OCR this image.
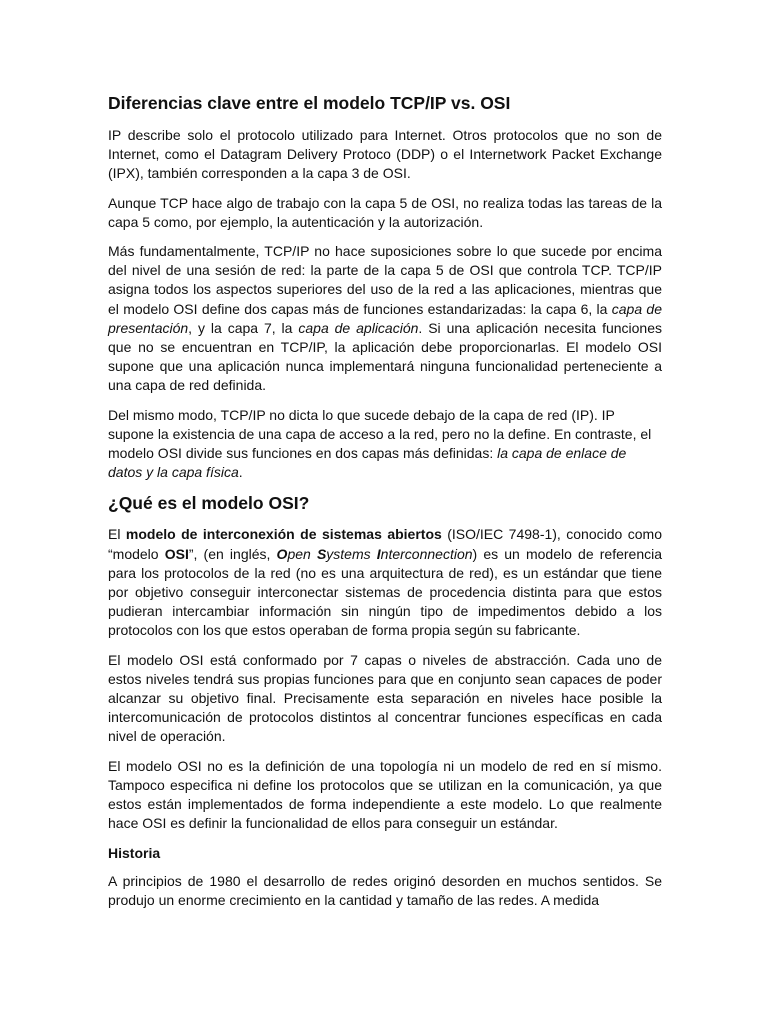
Diferencias clave entre el modelo TCP/IP vs. OSI

IP describe solo el protocolo utilizado para Internet. Otros protocolos que no son de Internet, como el Datagram Delivery Protoco (DDP) o el Internetwork Packet Exchange (IPX), también corresponden a la capa 3 de OSI.

Aunque TCP hace algo de trabajo con la capa 5 de OSI, no realiza todas las tareas de la capa 5 como, por ejemplo, la autenticación y la autorización.

Más fundamentalmente, TCP/IP no hace suposiciones sobre lo que sucede por encima del nivel de una sesión de red: la parte de la capa 5 de OSI que controla TCP. TCP/IP asigna todos los aspectos superiores del uso de la red a las aplicaciones, mientras que el modelo OSI define dos capas más de funciones estandarizadas: la capa 6, la capa de presentación, y la capa 7, la capa de aplicación. Si una aplicación necesita funciones que no se encuentran en TCP/IP, la aplicación debe proporcionarlas. El modelo OSI supone que una aplicación nunca implementará ninguna funcionalidad perteneciente a una capa de red definida.

Del mismo modo, TCP/IP no dicta lo que sucede debajo de la capa de red (IP). IP supone la existencia de una capa de acceso a la red, pero no la define. En contraste, el modelo OSI divide sus funciones en dos capas más definidas: la capa de enlace de datos y la capa física.

¿Qué es el modelo OSI?

El modelo de interconexión de sistemas abiertos (ISO/IEC 7498-1), conocido como “modelo OSI”, (en inglés, Open Systems Interconnection) es un modelo de referencia para los protocolos de la red (no es una arquitectura de red), es un estándar que tiene por objetivo conseguir interconectar sistemas de procedencia distinta para que estos pudieran intercambiar información sin ningún tipo de impedimentos debido a los protocolos con los que estos operaban de forma propia según su fabricante.

El modelo OSI está conformado por 7 capas o niveles de abstracción. Cada uno de estos niveles tendrá sus propias funciones para que en conjunto sean capaces de poder alcanzar su objetivo final. Precisamente esta separación en niveles hace posible la intercomunicación de protocolos distintos al concentrar funciones específicas en cada nivel de operación.

El modelo OSI no es la definición de una topología ni un modelo de red en sí mismo. Tampoco especifica ni define los protocolos que se utilizan en la comunicación, ya que estos están implementados de forma independiente a este modelo. Lo que realmente hace OSI es definir la funcionalidad de ellos para conseguir un estándar.

Historia

A principios de 1980 el desarrollo de redes originó desorden en muchos sentidos. Se produjo un enorme crecimiento en la cantidad y tamaño de las redes. A medida
